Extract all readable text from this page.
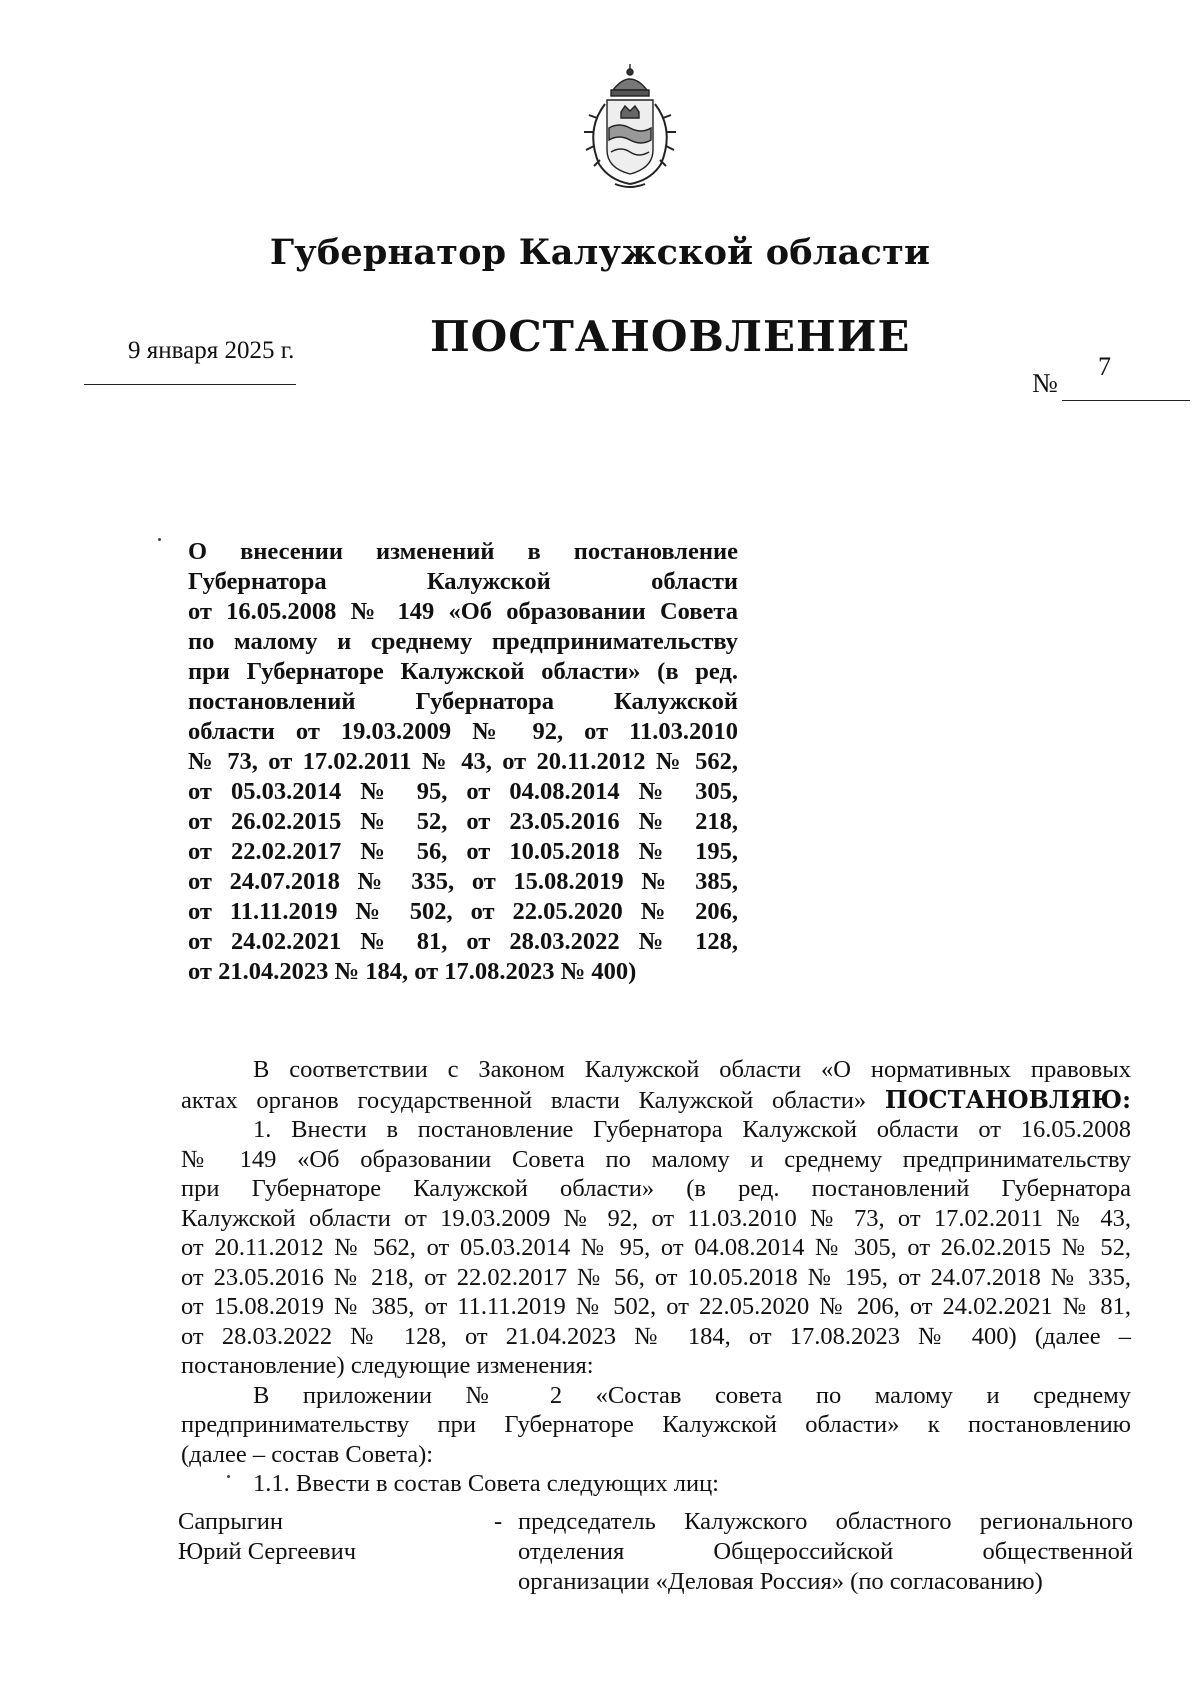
Губернатор Калужской области
ПОСТАНОВЛЕНИЕ
9 января 2025 г.
№
7
О внесении изменений в постановление
Губернатора Калужской области
от 16.05.2008 № 149 «Об образовании Совета
по малому и среднему предпринимательству
при Губернаторе Калужской области» (в ред.
постановлений Губернатора Калужской
области от 19.03.2009 № 92, от 11.03.2010
№ 73, от 17.02.2011 № 43, от 20.11.2012 № 562,
от 05.03.2014 № 95, от 04.08.2014 № 305,
от 26.02.2015 № 52, от 23.05.2016 № 218,
от 22.02.2017 № 56, от 10.05.2018 № 195,
от 24.07.2018 № 335, от 15.08.2019 № 385,
от 11.11.2019 № 502, от 22.05.2020 № 206,
от 24.02.2021 № 81, от 28.03.2022 № 128,
от 21.04.2023 № 184, от 17.08.2023 № 400)
В соответствии с Законом Калужской области «О нормативных правовых
актах органов государственной власти Калужской области» ПОСТАНОВЛЯЮ:
1. Внести в постановление Губернатора Калужской области от 16.05.2008
№ 149 «Об образовании Совета по малому и среднему предпринимательству
при Губернаторе Калужской области» (в ред. постановлений Губернатора
Калужской области от 19.03.2009 № 92, от 11.03.2010 № 73, от 17.02.2011 № 43,
от 20.11.2012 № 562, от 05.03.2014 № 95, от 04.08.2014 № 305, от 26.02.2015 № 52,
от 23.05.2016 № 218, от 22.02.2017 № 56, от 10.05.2018 № 195, от 24.07.2018 № 335,
от 15.08.2019 № 385, от 11.11.2019 № 502, от 22.05.2020 № 206, от 24.02.2021 № 81,
от 28.03.2022 № 128, от 21.04.2023 № 184, от 17.08.2023 № 400) (далее –
постановление) следующие изменения:
В приложении № 2 «Состав совета по малому и среднему
предпринимательству при Губернаторе Калужской области» к постановлению
(далее – состав Совета):
1.1. Ввести в состав Совета следующих лиц:
Сапрыгин
Юрий Сергеевич
- председатель Калужского областного регионального
отделения Общероссийской общественной
организации «Деловая Россия» (по согласованию)
